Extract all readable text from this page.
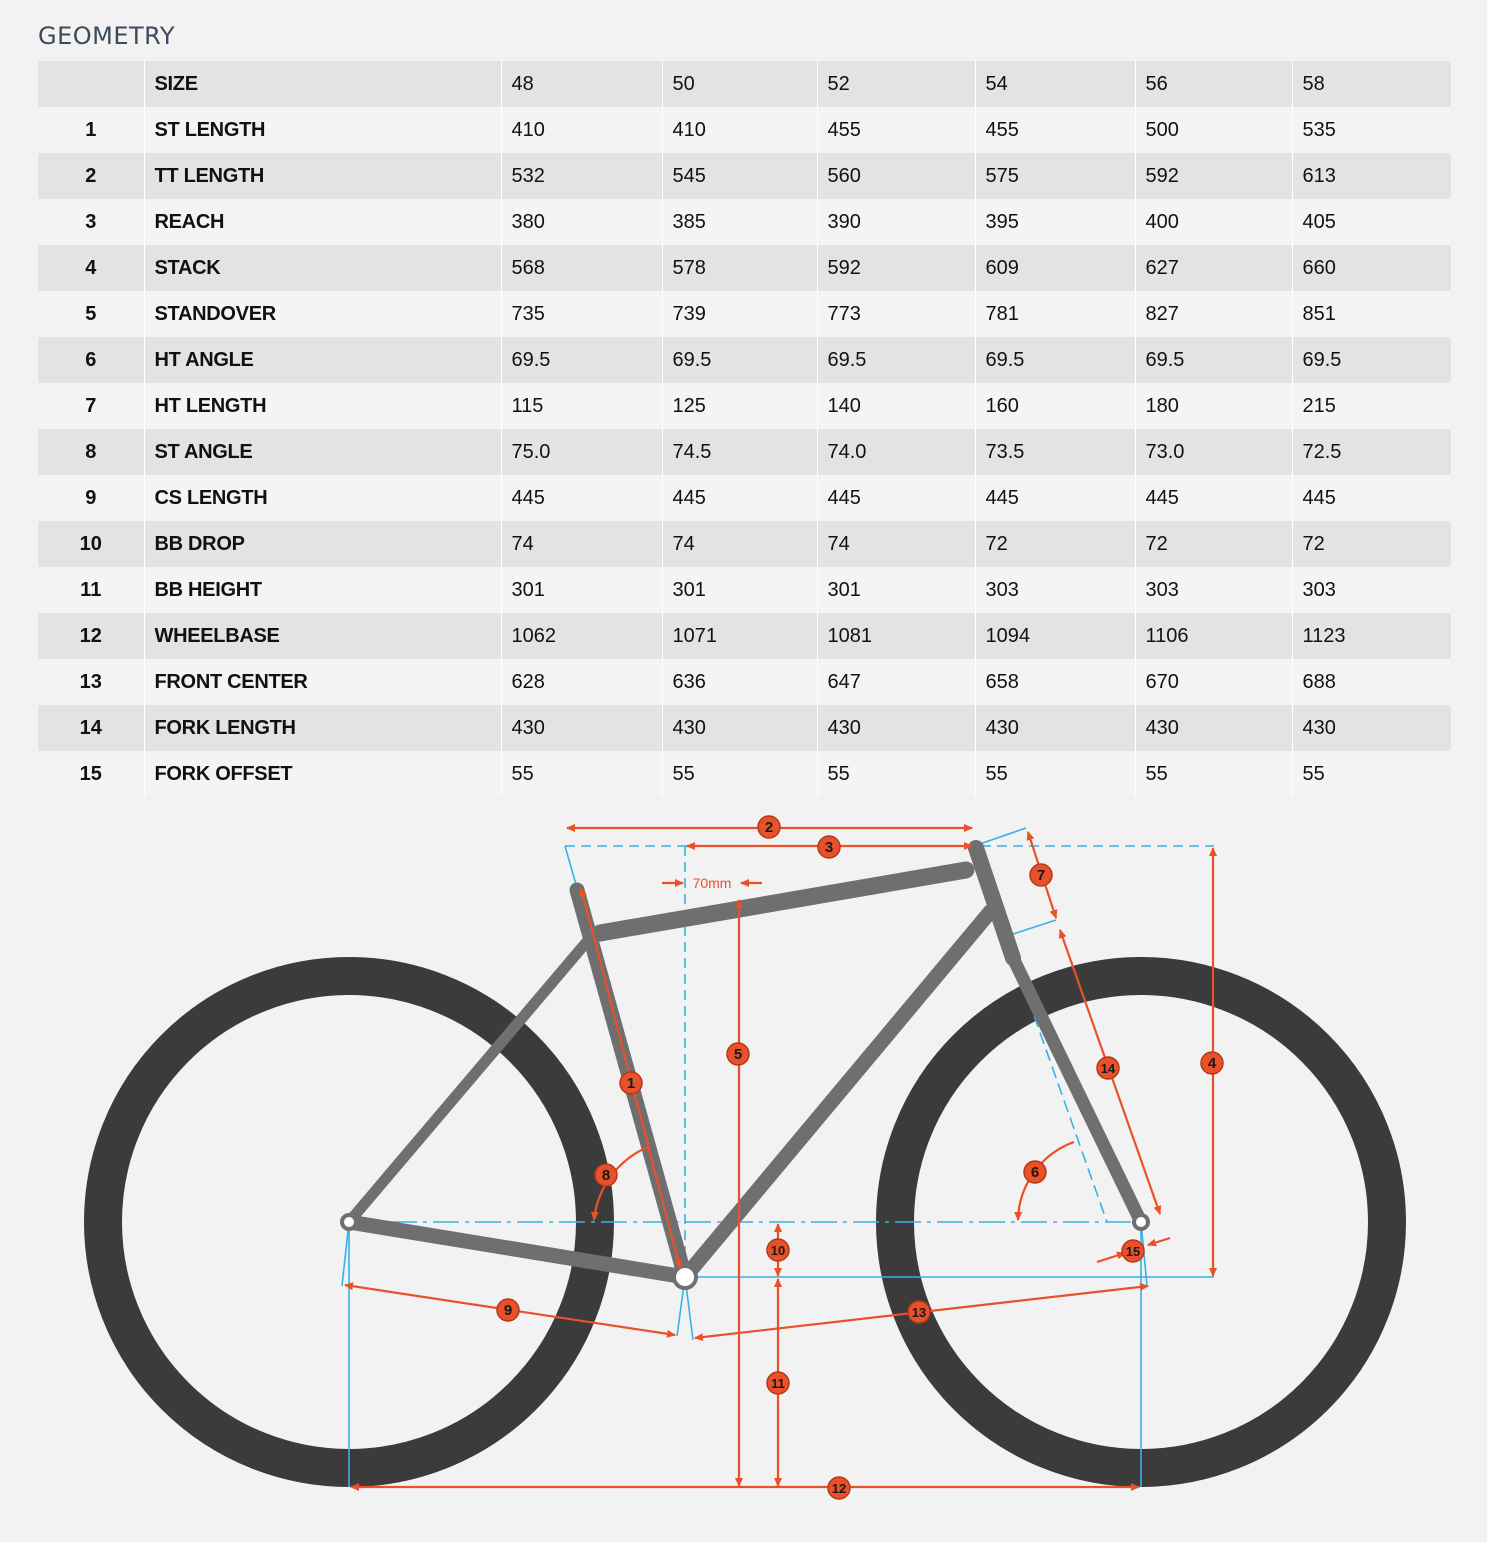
GEOMETRY
	SIZE	48	50	52	54	56	58
1	ST LENGTH	410	410	455	455	500	535
2	TT LENGTH	532	545	560	575	592	613
3	REACH	380	385	390	395	400	405
4	STACK	568	578	592	609	627	660
5	STANDOVER	735	739	773	781	827	851
6	HT ANGLE	69.5	69.5	69.5	69.5	69.5	69.5
7	HT LENGTH	115	125	140	160	180	215
8	ST ANGLE	75.0	74.5	74.0	73.5	73.0	72.5
9	CS LENGTH	445	445	445	445	445	445
10	BB DROP	74	74	74	72	72	72
11	BB HEIGHT	301	301	301	303	303	303
12	WHEELBASE	1062	1071	1081	1094	1106	1123
13	FRONT CENTER	628	636	647	658	670	688
14	FORK LENGTH	430	430	430	430	430	430
15	FORK OFFSET	55	55	55	55	55	55
70mm
1
2
3
4
5
6
7
8
9
10
11
12
13
14
15
